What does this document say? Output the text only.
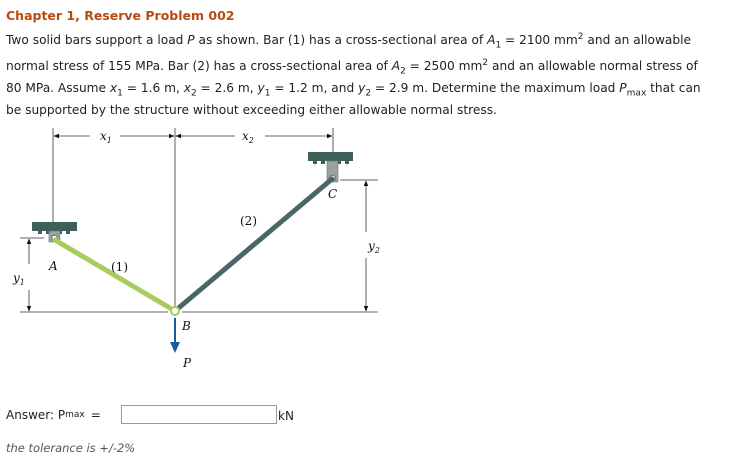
Chapter 1, Reserve Problem 002
Two solid bars support a load P as shown. Bar (1) has a cross-sectional area of $A_1 = 2100$ $mm^2$ and an allowable
normal stress of 155 MPa. Bar (2) has a cross-sectional area of $A_2 = 2500$ $mm^2$ and an allowable normal stress of
80 MPa. Assume $x_1 = 1.6$ m, $x_2 = 2.6$ m, $y_1 = 1.2$ m, and $y_2 = 2.9$ m. Determine the maximum load $P_{max}$ that can
be supported by the structure without exceeding either allowable normal stress.
$x_1$	$x_2$
$y_1$
$y_2$
A
B
C
(1)
(2)
P
Answer: P max =	kN
the tolerance is +/-2%
